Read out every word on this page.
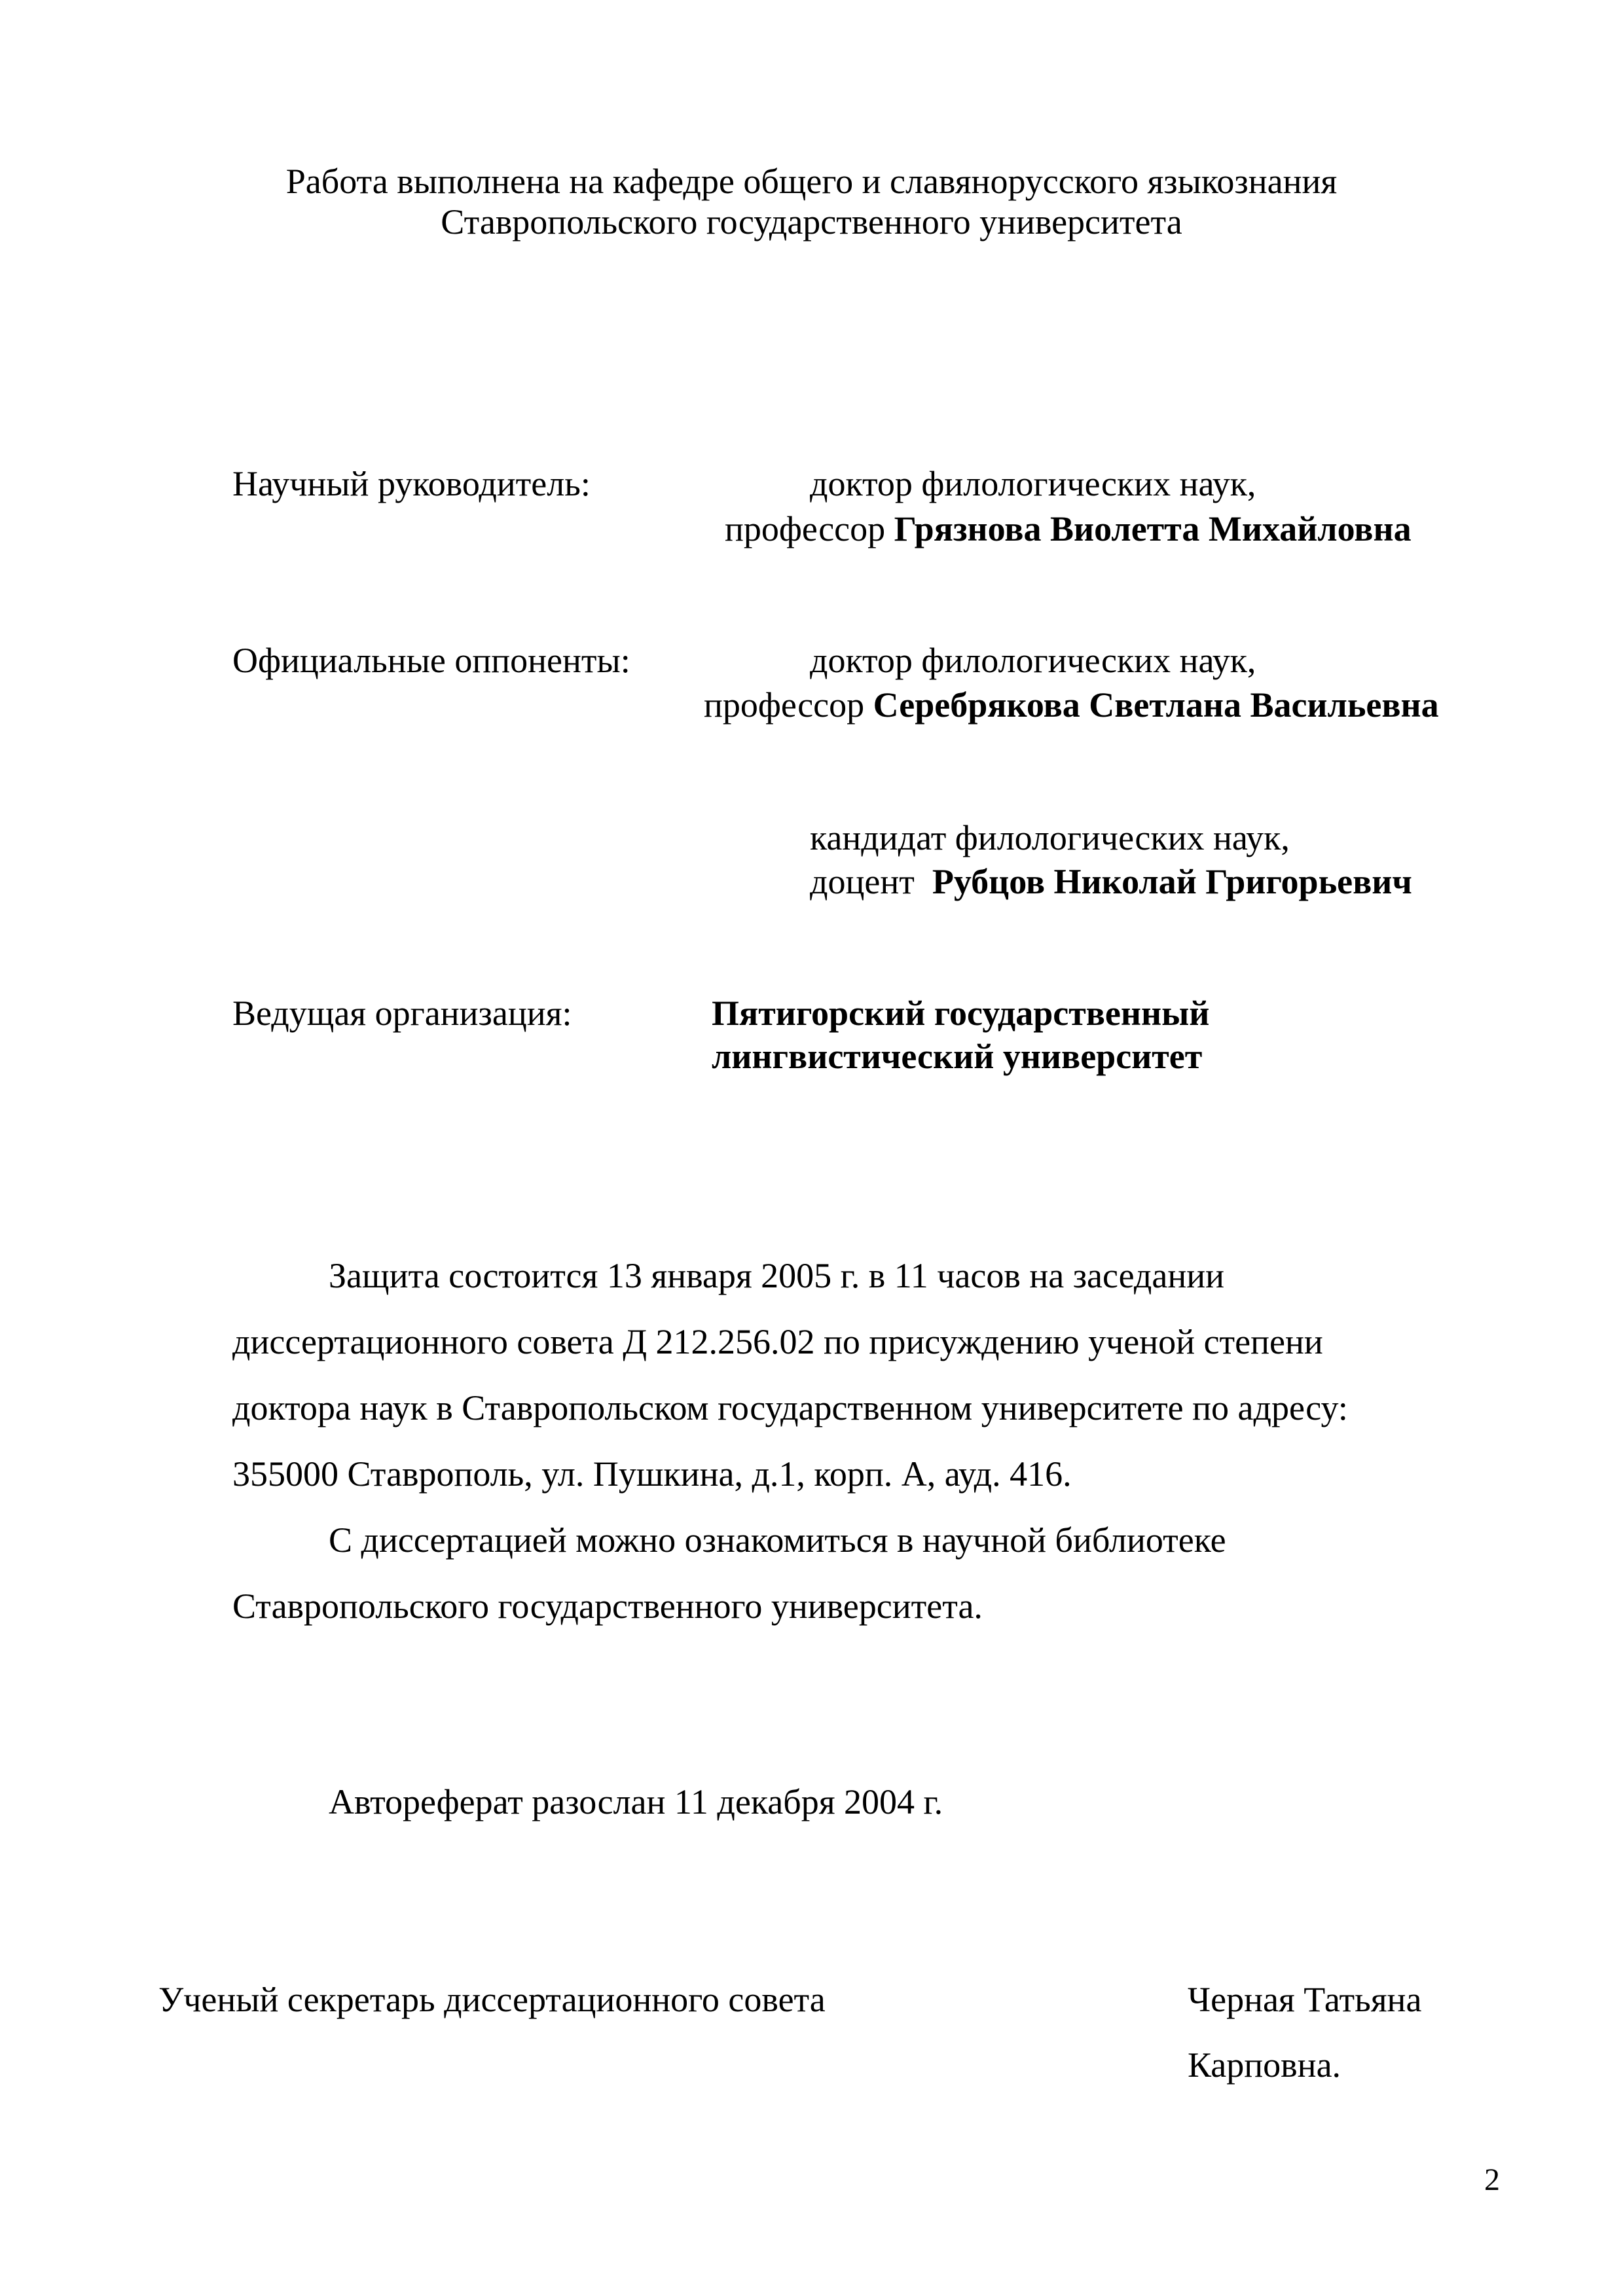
Работа выполнена на кафедре общего и славянорусского языкознания
Ставропольского государственного университета
Научный руководитель:	доктор филологических наук,
профессор Грязнова Виолетта Михайловна
Официальные оппоненты:	доктор филологических наук,
профессор Серебрякова Светлана Васильевна
кандидат филологических наук,
доцент Рубцов Николай Григорьевич
Ведущая организация:	Пятигорский государственный
лингвистический университет
Защита состоится 13 января 2005 г. в 11 часов на заседании
диссертационного совета Д 212.256.02 по присуждению ученой степени
доктора наук в Ставропольском государственном университете по адресу:
355000 Ставрополь, ул. Пушкина, д.1, корп. А, ауд. 416.
С диссертацией можно ознакомиться в научной библиотеке
Ставропольского государственного университета.
Автореферат разослан 11 декабря 2004 г.
Ученый секретарь диссертационного совета	Черная Татьяна
Карповна.
2
